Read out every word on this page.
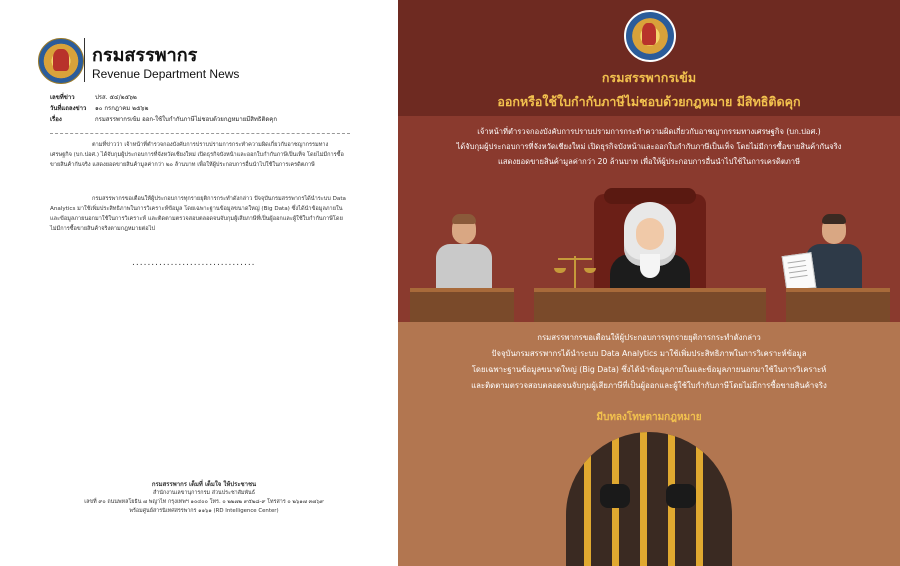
กรมสรรพากร
Revenue Department News
เลขที่ข่าว	ปรส. ๕๔/๒๕๖๒
วันที่แถลงข่าว	๑๐ กรกฎาคม ๒๕๖๒
เรื่อง	กรมสรรพากรเข้ม ออก-ใช้ใบกำกับภาษีไม่ชอบด้วยกฎหมายมีสิทธิติดคุก
ตามที่ข่าวว่า เจ้าหน้าที่ตำรวจกองบังคับการปราบปรามการกระทำความผิดเกี่ยวกับอาชญากรรมทางเศรษฐกิจ (บก.ปอศ.) ได้จับกุมผู้ประกอบการที่จังหวัดเชียงใหม่ เปิดธุรกิจบังหน้าและออกใบกำกับภาษีเป็นเท็จ โดยไม่มีการซื้อขายสินค้ากันจริง แสดงยอดขายสินค้ามูลค่ากว่า ๒๐ ล้านบาท เพื่อให้ผู้ประกอบการอื่นนำไปใช้ในการเครดิตภาษี
กรมสรรพากรขอเตือนให้ผู้ประกอบการทุกรายยุติการกระทำดังกล่าว ปัจจุบันกรมสรรพากรได้นำระบบ Data Analytics มาใช้เพิ่มประสิทธิภาพในการวิเคราะห์ข้อมูล โดยเฉพาะฐานข้อมูลขนาดใหญ่ (Big Data) ซึ่งได้นำข้อมูลภายในและข้อมูลภายนอกมาใช้ในการวิเคราะห์ และติดตามตรวจสอบตลอดจนจับกุมผู้เสียภาษีที่เป็นผู้ออกและผู้ใช้ใบกำกับภาษีโดยไม่มีการซื้อขายสินค้าจริงตามกฎหมายต่อไป
................................
กรมสรรพากร เต็มที่ เต็มใจ ให้ประชาชน
สำนักงานเลขานุการกรม ส่วนประชาสัมพันธ์
เลขที่ ๙๐ ถนนพหลโยธิน ๗ พญาไท กรุงเทพฯ ๑๐๔๐๐ โทร. ๐ ๒๒๗๒ ๙๕๒๘-๙ โทรสาร ๐ ๒๖๑๗ ๓๗๖๙
พร้อมศูนย์สารนิเทศสรรพากร ๑๑๖๑ (RD Intelligence Center)
กรมสรรพากรเข้ม
ออกหรือใช้ใบกำกับภาษีไม่ชอบด้วยกฎหมาย มีสิทธิติดคุก
เจ้าหน้าที่ตำรวจกองบังคับการปราบปรามการกระทำความผิดเกี่ยวกับอาชญากรรมทางเศรษฐกิจ (บก.ปอศ.)
ได้จับกุมผู้ประกอบการที่จังหวัดเชียงใหม่ เปิดธุรกิจบังหน้าและออกใบกำกับภาษีเป็นเท็จ โดยไม่มีการซื้อขายสินค้ากันจริง
แสดงยอดขายสินค้ามูลค่ากว่า 20 ล้านบาท เพื่อให้ผู้ประกอบการอื่นนำไปใช้ในการเครดิตภาษี
กรมสรรพากรขอเตือนให้ผู้ประกอบการทุกรายยุติการกระทำดังกล่าว
ปัจจุบันกรมสรรพากรได้นำระบบ Data Analytics มาใช้เพิ่มประสิทธิภาพในการวิเคราะห์ข้อมูล
โดยเฉพาะฐานข้อมูลขนาดใหญ่ (Big Data) ซึ่งได้นำข้อมูลภายในและข้อมูลภายนอกมาใช้ในการวิเคราะห์
และติดตามตรวจสอบตลอดจนจับกุมผู้เสียภาษีที่เป็นผู้ออกและผู้ใช้ใบกำกับภาษีโดยไม่มีการซื้อขายสินค้าจริง
มีบทลงโทษตามกฎหมาย
